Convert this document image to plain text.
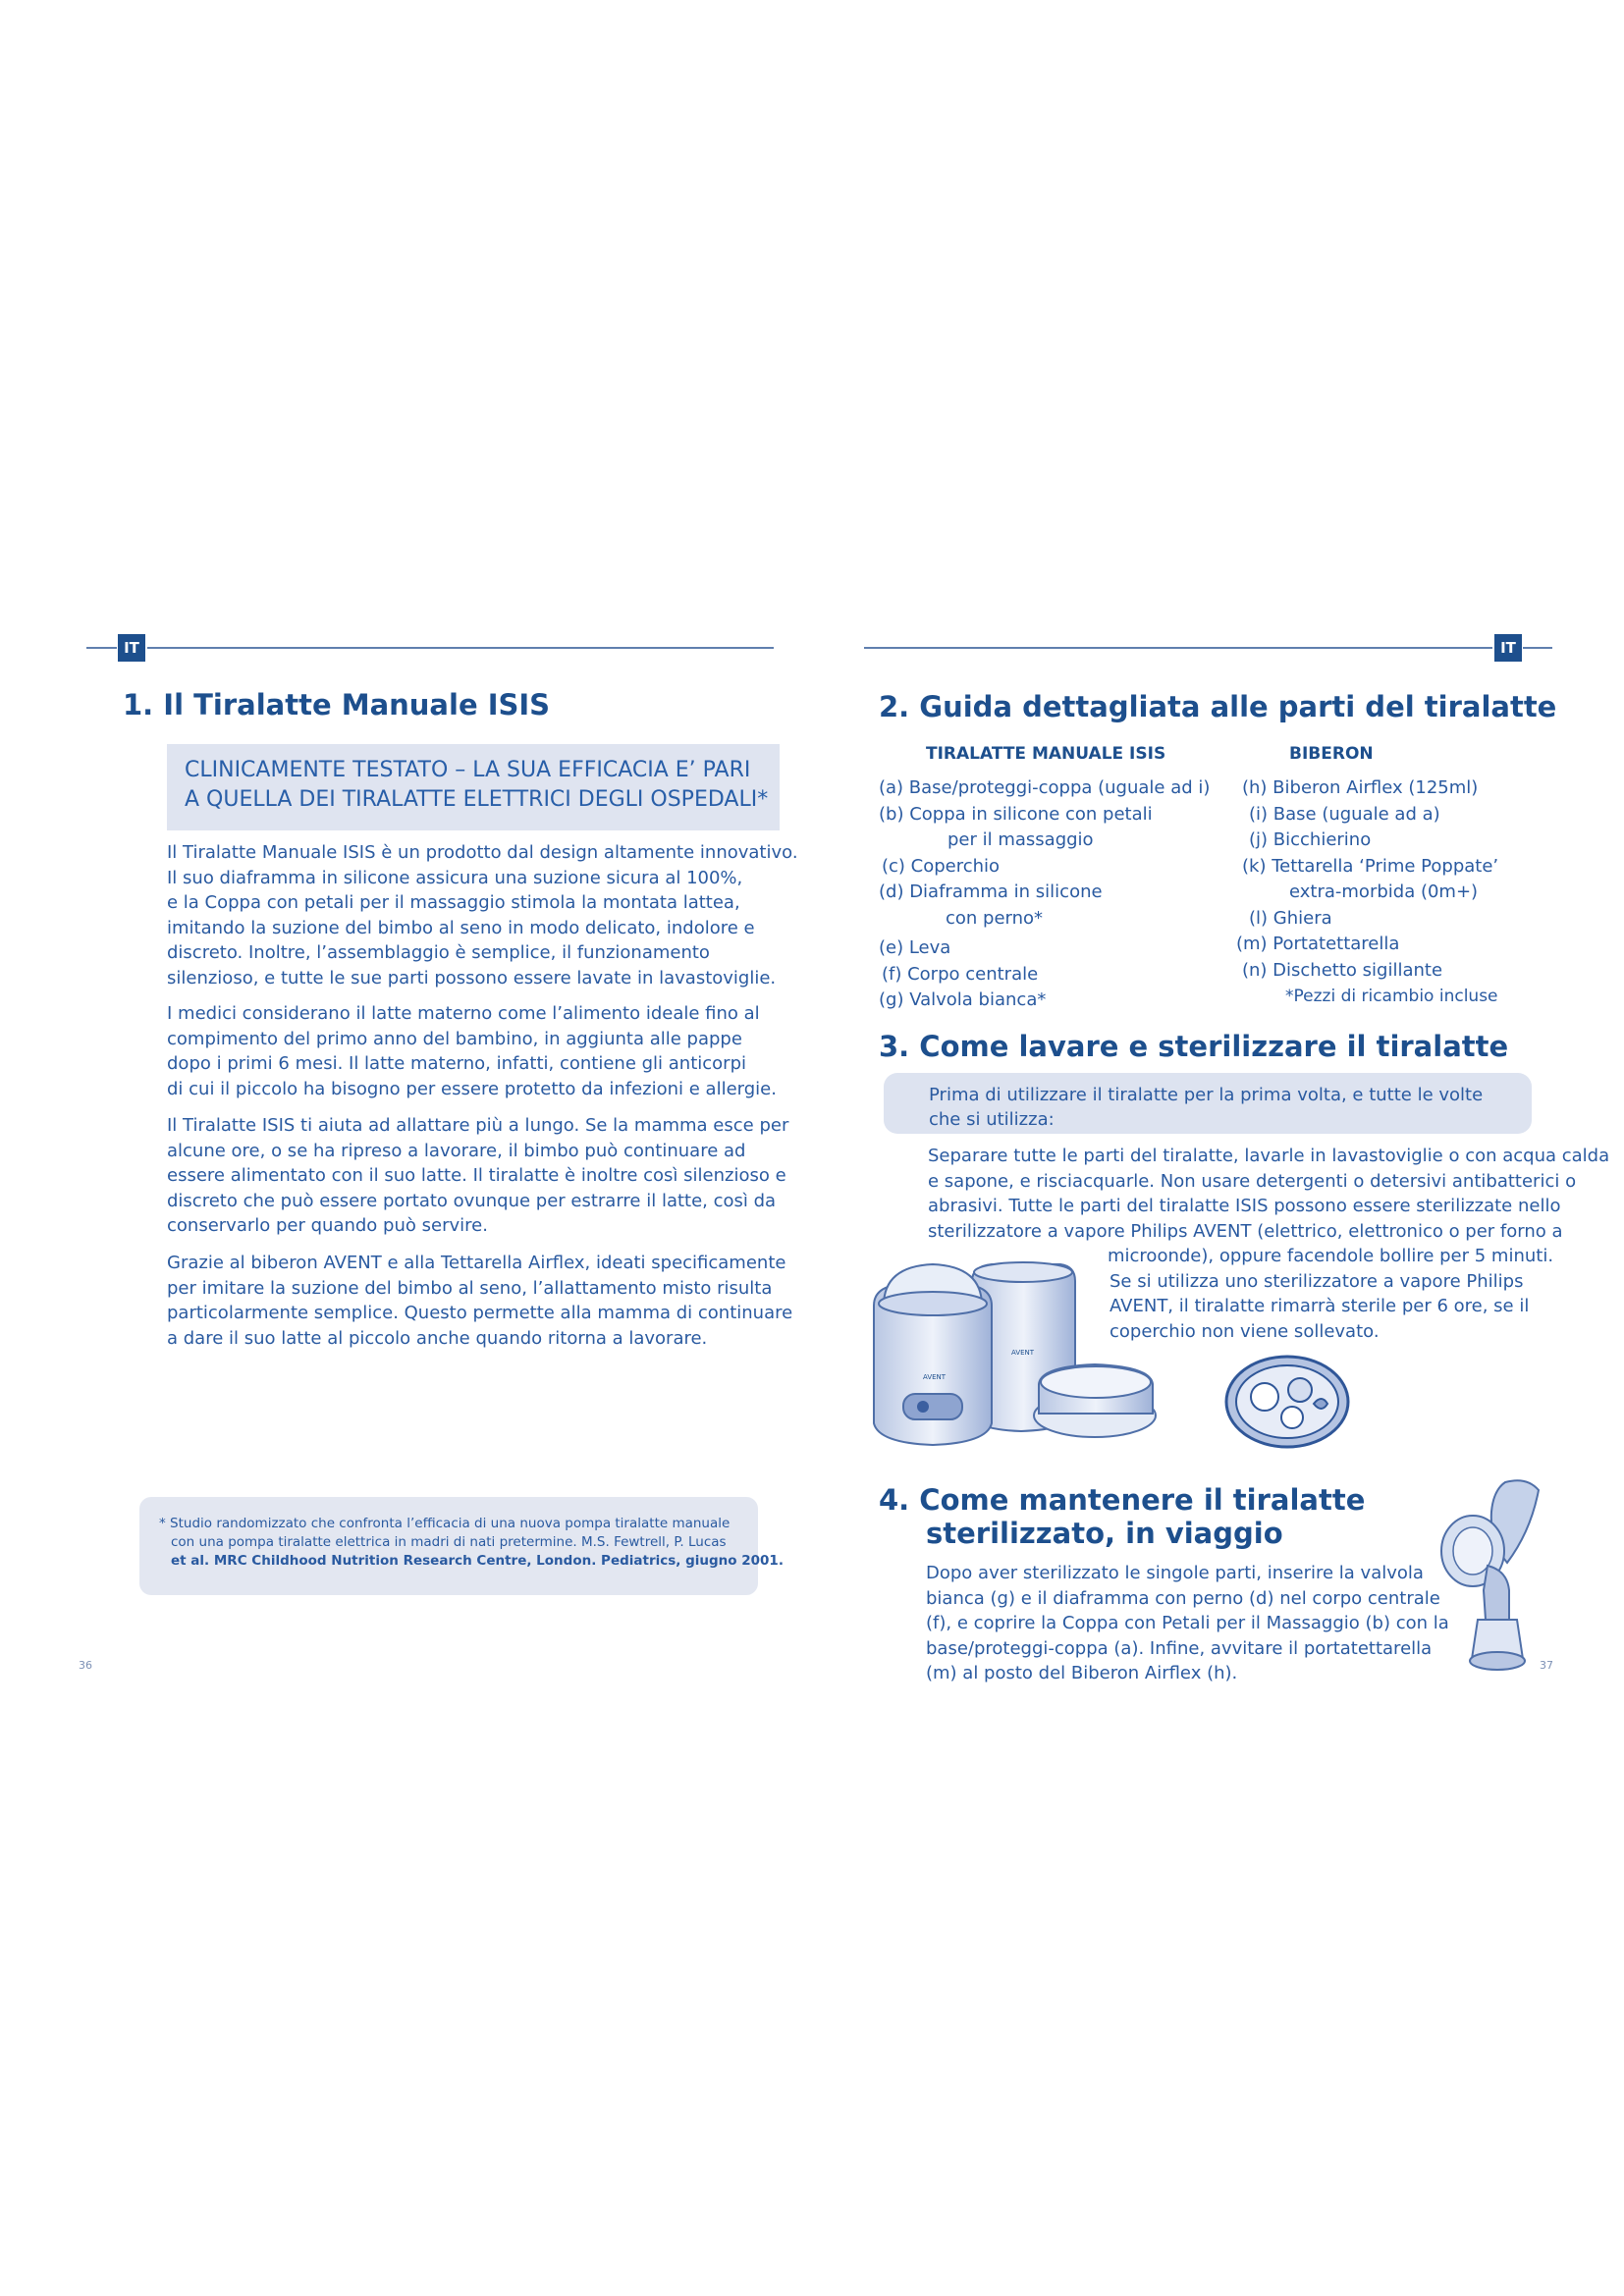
IT
1. Il Tiralatte Manuale ISIS
CLINICAMENTE TESTATO – LA SUA EFFICACIA E’ PARI
A QUELLA DEI TIRALATTE ELETTRICI DEGLI OSPEDALI*
Il Tiralatte Manuale ISIS è un prodotto dal design altamente innovativo.
Il suo diaframma in silicone assicura una suzione sicura al 100%,
e la Coppa con petali per il massaggio stimola la montata lattea,
imitando la suzione del bimbo al seno in modo delicato, indolore e
discreto. Inoltre, l’assemblaggio è semplice, il funzionamento
silenzioso, e tutte le sue parti possono essere lavate in lavastoviglie.
I medici considerano il latte materno come l’alimento ideale fino al
compimento del primo anno del bambino, in aggiunta alle pappe
dopo i primi 6 mesi. Il latte materno, infatti, contiene gli anticorpi
di cui il piccolo ha bisogno per essere protetto da infezioni e allergie.
Il Tiralatte ISIS ti aiuta ad allattare più a lungo. Se la mamma esce per
alcune ore, o se ha ripreso a lavorare, il bimbo può continuare ad
essere alimentato con il suo latte. Il tiralatte è inoltre così silenzioso e
discreto che può essere portato ovunque per estrarre il latte, così da
conservarlo per quando può servire.
Grazie al biberon AVENT e alla Tettarella Airflex, ideati specificamente
per imitare la suzione del bimbo al seno, l’allattamento misto risulta
particolarmente semplice. Questo permette alla mamma di continuare
a dare il suo latte al piccolo anche quando ritorna a lavorare.
* Studio randomizzato che confronta l’efficacia di una nuova pompa tiralatte manuale
con una pompa tiralatte elettrica in madri di nati pretermine. M.S. Fewtrell, P. Lucas
et al. MRC Childhood Nutrition Research Centre, London. Pediatrics, giugno 2001.
36
IT
2. Guida dettagliata alle parti del tiralatte
TIRALATTE MANUALE ISIS	BIBERON
(a) Base/proteggi-coppa (uguale ad i)
(b) Coppa in silicone con petali
per il massaggio
(c) Coperchio
(d) Diaframma in silicone
con perno*
(e) Leva
(f) Corpo centrale
(g) Valvola bianca*
(h) Biberon Airflex (125ml)
(i) Base (uguale ad a)
(j) Bicchierino
(k) Tettarella ‘Prime Poppate’
extra-morbida (0m+)
(l) Ghiera
(m) Portatettarella
(n) Dischetto sigillante
*Pezzi di ricambio incluse
3. Come lavare e sterilizzare il tiralatte
Prima di utilizzare il tiralatte per la prima volta, e tutte le volte
che si utilizza:
Separare tutte le parti del tiralatte, lavarle in lavastoviglie o con acqua calda
e sapone, e risciacquarle. Non usare detergenti o detersivi antibatterici o
abrasivi. Tutte le parti del tiralatte ISIS possono essere sterilizzate nello
sterilizzatore a vapore Philips AVENT (elettrico, elettronico o per forno a
microonde), oppure facendole bollire per 5 minuti.
Se si utilizza uno sterilizzatore a vapore Philips
AVENT, il tiralatte rimarrà sterile per 6 ore, se il
coperchio non viene sollevato.
AVENT
AVENT
4. Come mantenere il tiralatte
sterilizzato, in viaggio
Dopo aver sterilizzato le singole parti, inserire la valvola
bianca (g) e il diaframma con perno (d) nel corpo centrale
(f), e coprire la Coppa con Petali per il Massaggio (b) con la
base/proteggi-coppa (a). Infine, avvitare il portatettarella
(m) al posto del Biberon Airflex (h).	37
